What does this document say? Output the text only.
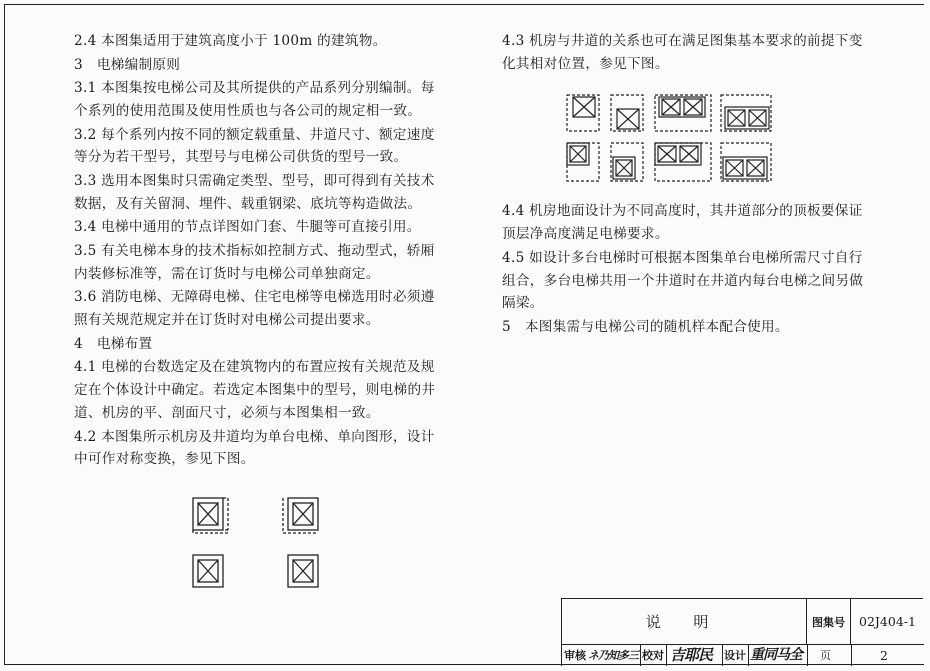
2.4 本图集适用于建筑高度小于 100m 的建筑物。

3　电梯编制原则

3.1 本图集按电梯公司及其所提供的产品系列分别编制。每个系列的使用范围及使用性质也与各公司的规定相一致。

3.2 每个系列内按不同的额定载重量、井道尺寸、额定速度等分为若干型号，其型号与电梯公司供货的型号一致。

3.3 选用本图集时只需确定类型、型号，即可得到有关技术数据，及有关留洞、埋件、载重钢梁、底坑等构造做法。

3.4 电梯中通用的节点详图如门套、牛腿等可直接引用。

3.5 有关电梯本身的技术指标如控制方式、拖动型式，轿厢内装修标准等，需在订货时与电梯公司单独商定。

3.6 消防电梯、无障碍电梯、住宅电梯等电梯选用时必须遵照有关规范规定并在订货时对电梯公司提出要求。

4　电梯布置

4.1 电梯的台数选定及在建筑物内的布置应按有关规范及规定在个体设计中确定。若选定本图集中的型号，则电梯的井道、机房的平、剖面尺寸，必须与本图集相一致。

4.2 本图集所示机房及井道均为单台电梯、单向图形，设计中可作对称变换，参见下图。

4.3 机房与井道的关系也可在满足图集基本要求的前提下变化其相对位置，参见下图。

4.4 机房地面设计为不同高度时，其井道部分的顶板要保证顶层净高度满足电梯要求。

4.5 如设计多台电梯时可根据本图集单台电梯所需尺寸自行组合，多台电梯共用一个井道时在井道内每台电梯之间另做隔梁。

5　本图集需与电梯公司的随机样本配合使用。

说 明	图集号	02J404-1
审核 ネ乃知多三 校对 吉耶民 设计 重同马全 页	2
